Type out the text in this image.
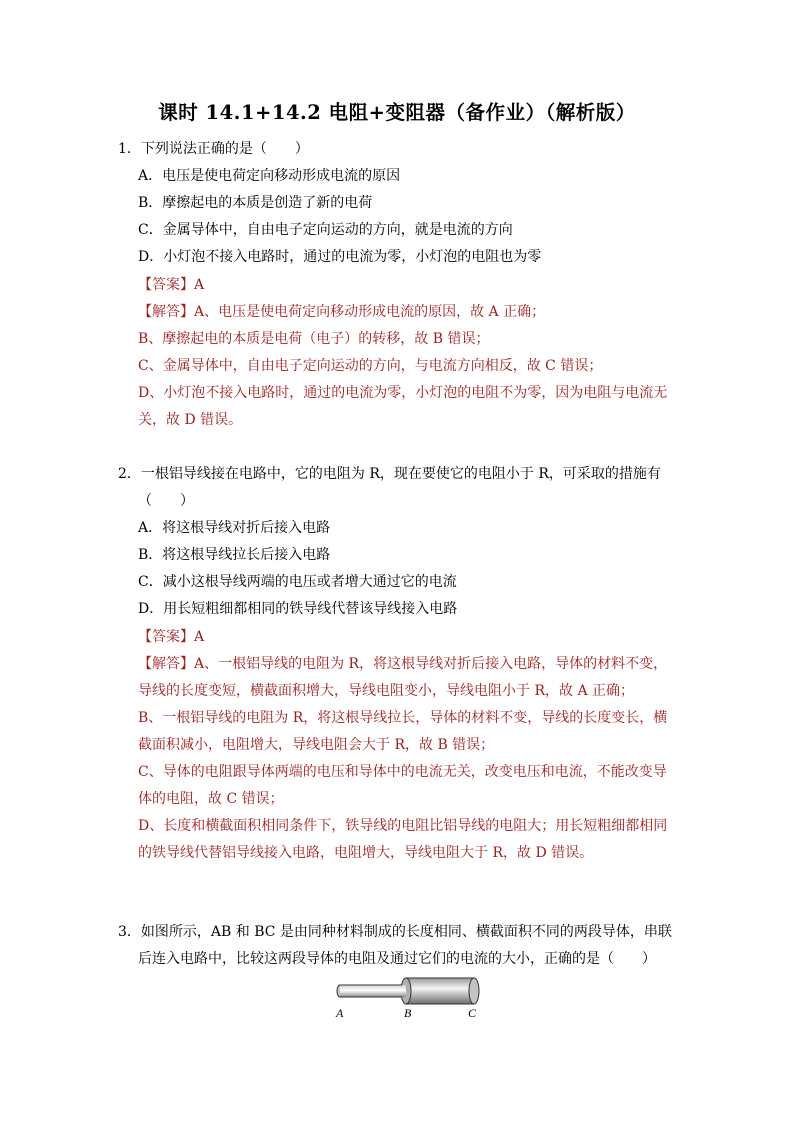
课时 14.1+14.2 电阻+变阻器（备作业）（解析版）
1．下列说法正确的是（　　）
A．电压是使电荷定向移动形成电流的原因
B．摩擦起电的本质是创造了新的电荷
C．金属导体中，自由电子定向运动的方向，就是电流的方向
D．小灯泡不接入电路时，通过的电流为零，小灯泡的电阻也为零
【答案】A
【解答】A、电压是使电荷定向移动形成电流的原因，故 A 正确；
B、摩擦起电的本质是电荷（电子）的转移，故 B 错误；
C、金属导体中，自由电子定向运动的方向，与电流方向相反，故 C 错误；
D、小灯泡不接入电路时，通过的电流为零，小灯泡的电阻不为零，因为电阻与电流无
关，故 D 错误。
2．一根铝导线接在电路中，它的电阻为 R，现在要使它的电阻小于 R，可采取的措施有
（　　）
A．将这根导线对折后接入电路
B．将这根导线拉长后接入电路
C．减小这根导线两端的电压或者增大通过它的电流
D．用长短粗细都相同的铁导线代替该导线接入电路
【答案】A
【解答】A、一根铝导线的电阻为 R，将这根导线对折后接入电路，导体的材料不变，
导线的长度变短，横截面积增大，导线电阻变小，导线电阻小于 R，故 A 正确；
B、一根铝导线的电阻为 R，将这根导线拉长，导体的材料不变，导线的长度变长，横
截面积减小，电阻增大，导线电阻会大于 R，故 B 错误；
C、导体的电阻跟导体两端的电压和导体中的电流无关，改变电压和电流，不能改变导
体的电阻，故 C 错误；
D、长度和横截面积相同条件下，铁导线的电阻比铝导线的电阻大；用长短粗细都相同
的铁导线代替铝导线接入电路，电阻增大，导线电阻大于 R，故 D 错误。
3．如图所示，AB 和 BC 是由同种材料制成的长度相同、横截面积不同的两段导体，串联
后连入电路中，比较这两段导体的电阻及通过它们的电流的大小，正确的是（　　）
A	B	C
